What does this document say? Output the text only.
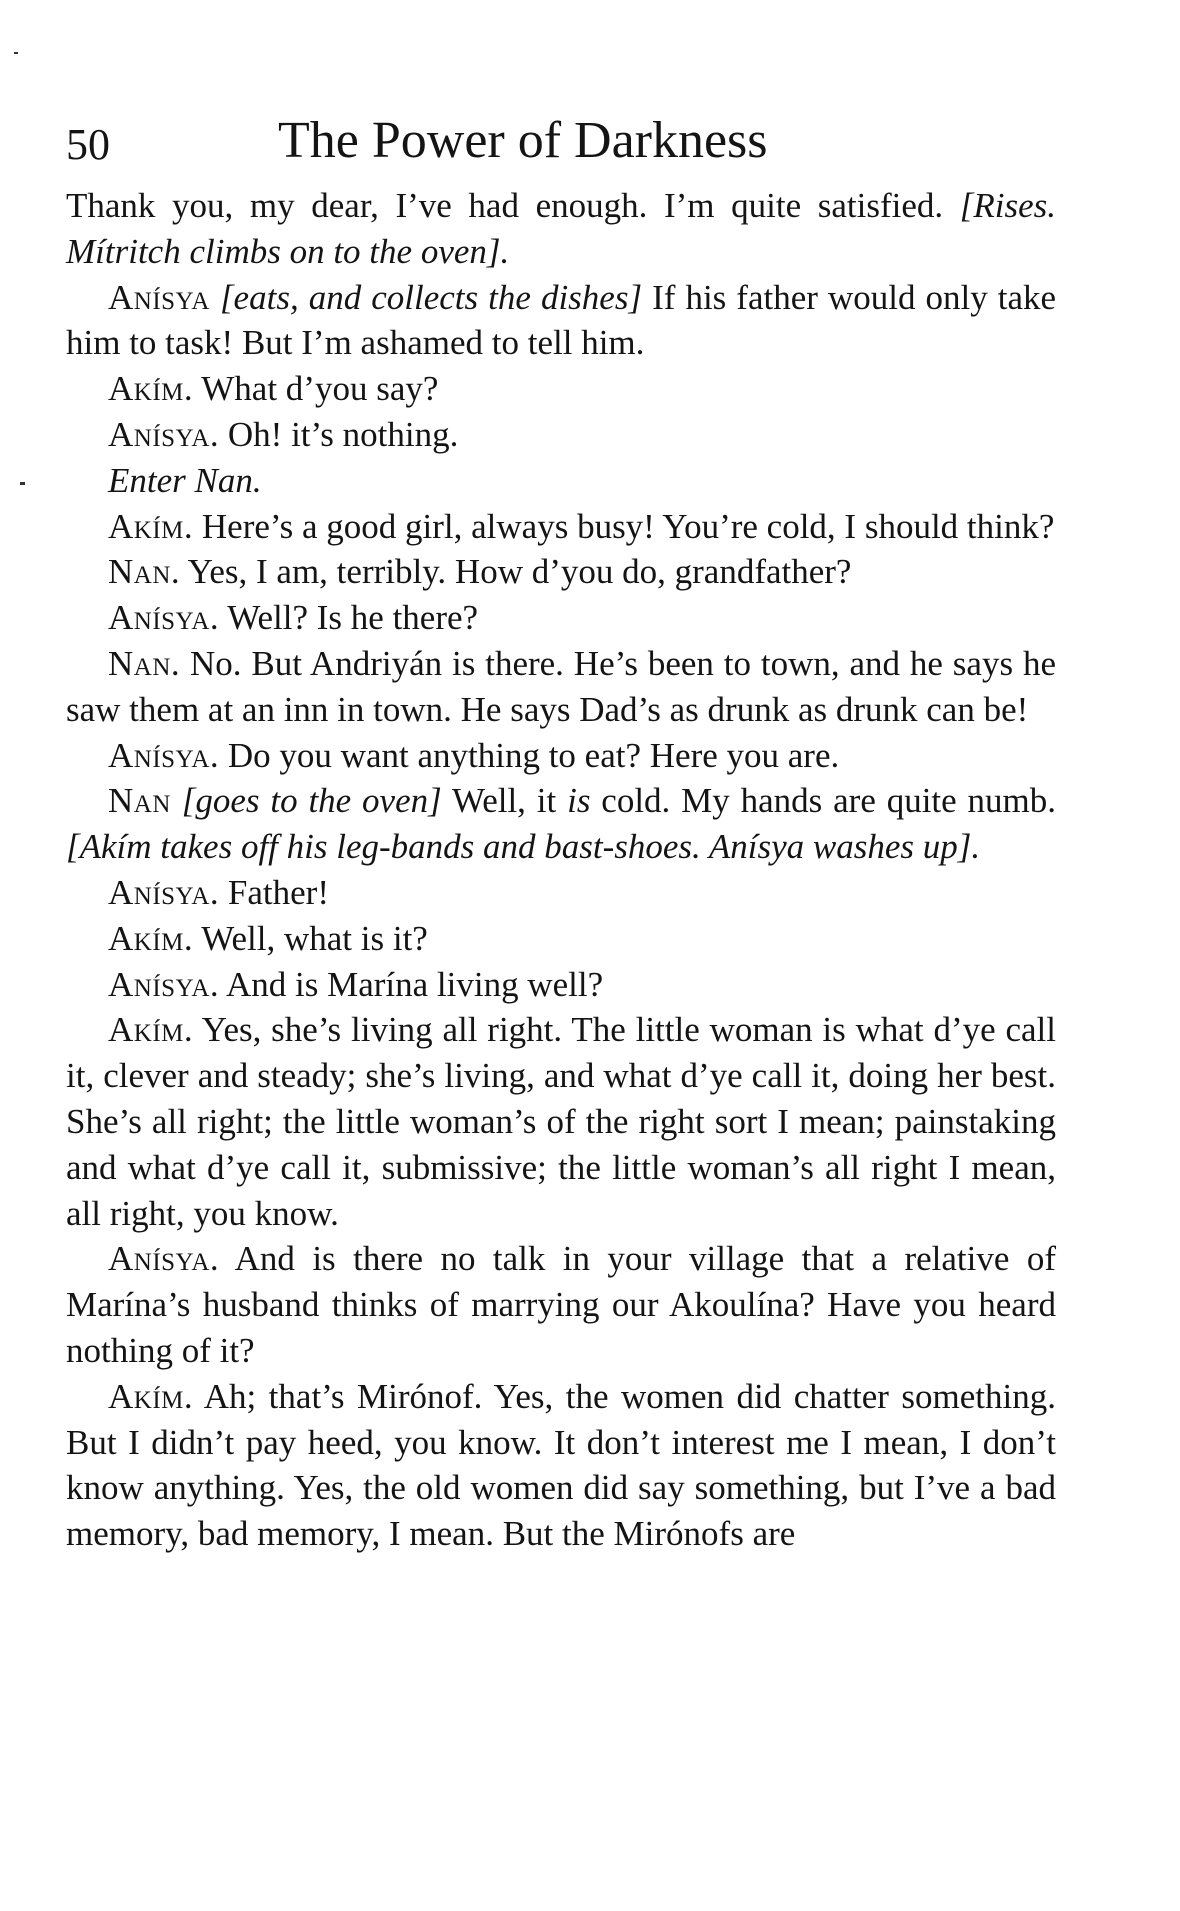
50	The Power of Darkness

Thank you, my dear, I’ve had enough. I’m quite satisfied. [Rises. Mítritch climbs on to the oven].

Anísya [eats, and collects the dishes] If his father would only take him to task! But I’m ashamed to tell him.

Akím. What d’you say?

Anísya. Oh! it’s nothing.

Enter Nan.

Akím. Here’s a good girl, always busy! You’re cold, I should think?

Nan. Yes, I am, terribly. How d’you do, grandfather?

Anísya. Well? Is he there?

Nan. No. But Andriyán is there. He’s been to town, and he says he saw them at an inn in town. He says Dad’s as drunk as drunk can be!

Anísya. Do you want anything to eat? Here you are.

Nan [goes to the oven] Well, it is cold. My hands are quite numb. [Akím takes off his leg-bands and bast-shoes. Anísya washes up].

Anísya. Father!

Akím. Well, what is it?

Anísya. And is Marína living well?

Akím. Yes, she’s living all right. The little woman is what d’ye call it, clever and steady; she’s living, and what d’ye call it, doing her best. She’s all right; the little woman’s of the right sort I mean; painstaking and what d’ye call it, submissive; the little woman’s all right I mean, all right, you know.

Anísya. And is there no talk in your village that a relative of Marína’s husband thinks of marrying our Akoulína? Have you heard nothing of it?

Akím. Ah; that’s Mirónof. Yes, the women did chatter something. But I didn’t pay heed, you know. It don’t interest me I mean, I don’t know anything. Yes, the old women did say something, but I’ve a bad memory, bad memory, I mean. But the Mirónofs are
